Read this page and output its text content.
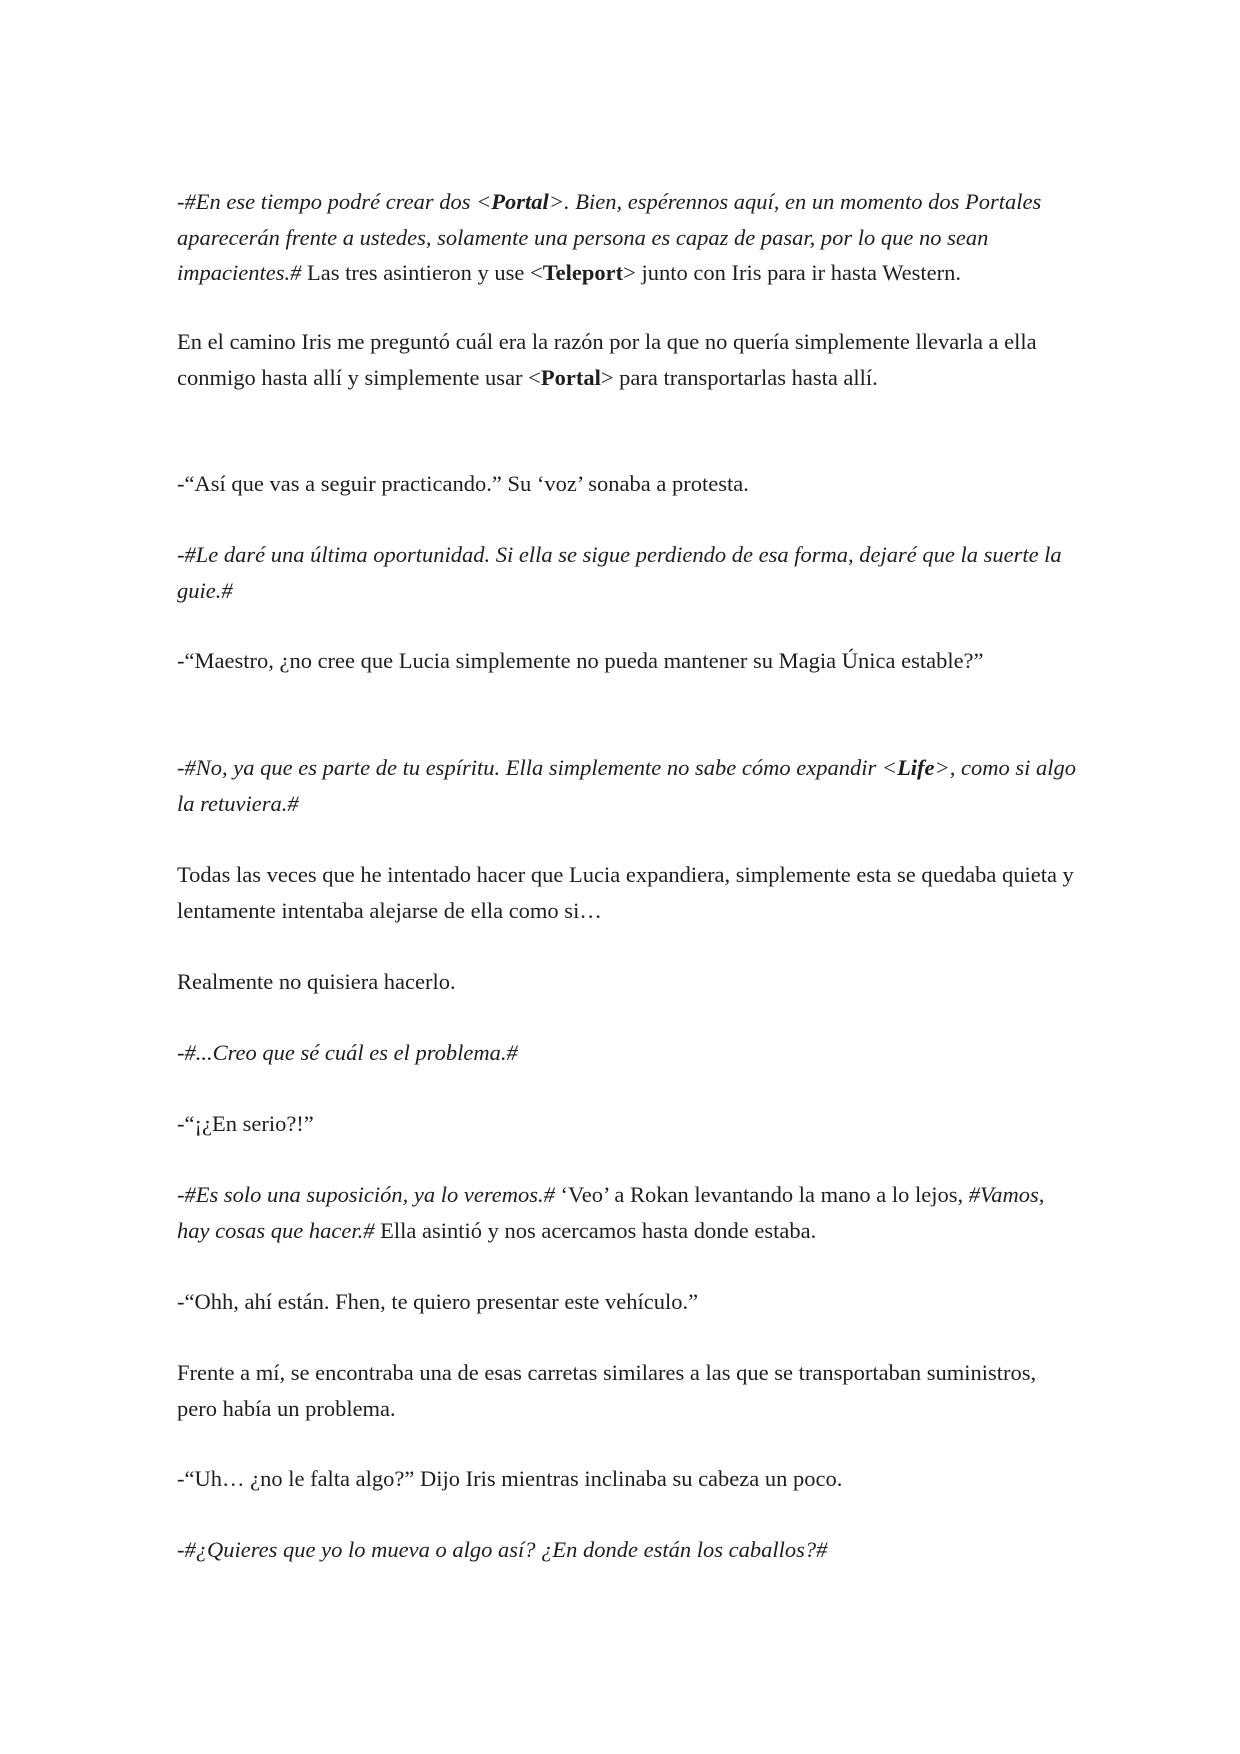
-#En ese tiempo podré crear dos <Portal>. Bien, espérennos aquí, en un momento dos Portales aparecerán frente a ustedes, solamente una persona es capaz de pasar, por lo que no sean impacientes.# Las tres asintieron y use <Teleport> junto con Iris para ir hasta Western.

En el camino Iris me preguntó cuál era la razón por la que no quería simplemente llevarla a ella conmigo hasta allí y simplemente usar <Portal> para transportarlas hasta allí.

-“Así que vas a seguir practicando.” Su ‘voz’ sonaba a protesta.

-#Le daré una última oportunidad. Si ella se sigue perdiendo de esa forma, dejaré que la suerte la guie.#

-“Maestro, ¿no cree que Lucia simplemente no pueda mantener su Magia Única estable?”

-#No, ya que es parte de tu espíritu. Ella simplemente no sabe cómo expandir <Life>, como si algo la retuviera.#

Todas las veces que he intentado hacer que Lucia expandiera, simplemente esta se quedaba quieta y lentamente intentaba alejarse de ella como si…

Realmente no quisiera hacerlo.

-#...Creo que sé cuál es el problema.#

-“¡¿En serio?!”

-#Es solo una suposición, ya lo veremos.# ‘Veo’ a Rokan levantando la mano a lo lejos, #Vamos, hay cosas que hacer.# Ella asintió y nos acercamos hasta donde estaba.

-“Ohh, ahí están. Fhen, te quiero presentar este vehículo.”

Frente a mí, se encontraba una de esas carretas similares a las que se transportaban suministros, pero había un problema.

-“Uh… ¿no le falta algo?” Dijo Iris mientras inclinaba su cabeza un poco.

-#¿Quieres que yo lo mueva o algo así? ¿En donde están los caballos?#
